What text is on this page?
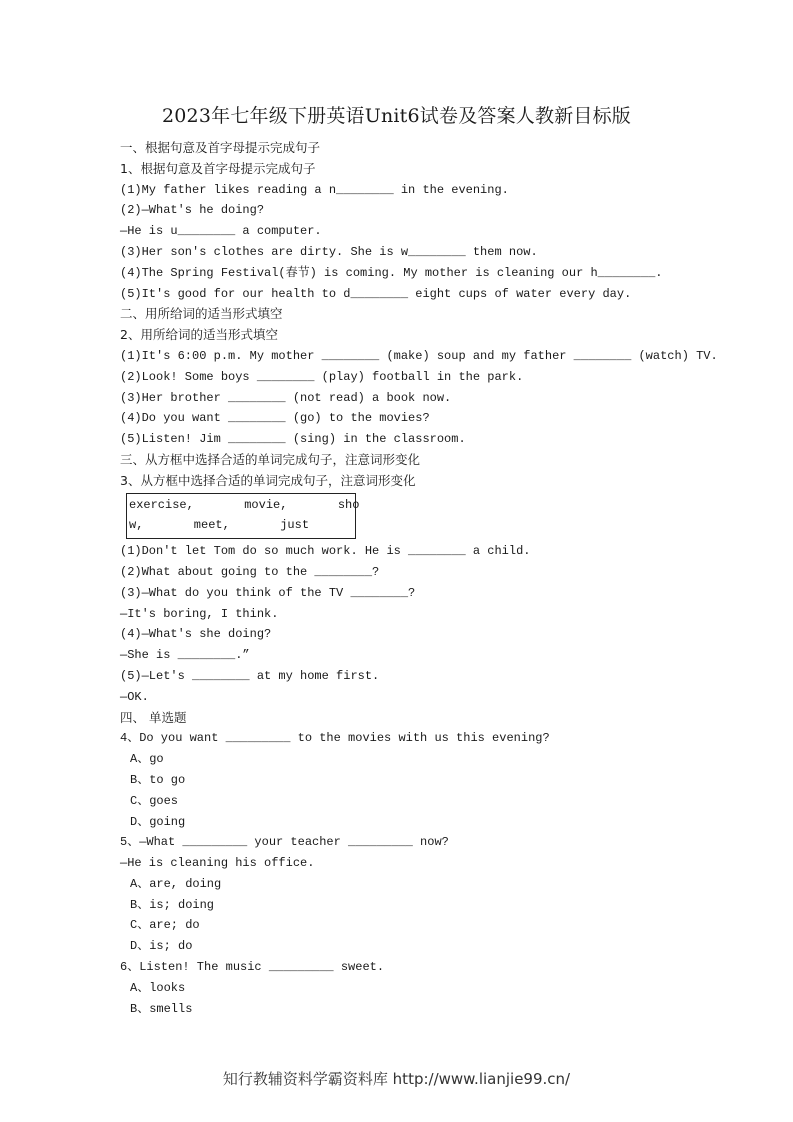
2023年七年级下册英语Unit6试卷及答案人教新目标版
一、根据句意及首字母提示完成句子
1、根据句意及首字母提示完成句子
(1)My father likes reading a n________ in the evening.
(2)—What's he doing?
—He is u________ a computer.
(3)Her son's clothes are dirty. She is w________ them now.
(4)The Spring Festival(春节) is coming. My mother is cleaning our h________.
(5)It's good for our health to d________ eight cups of water every day.
二、用所给词的适当形式填空
2、用所给词的适当形式填空
(1)It's 6:00 p.m. My mother ________ (make) soup and my father ________ (watch) TV.
(2)Look! Some boys ________ (play) football in the park.
(3)Her brother ________ (not read) a book now.
(4)Do you want ________ (go) to the movies?
(5)Listen! Jim ________ (sing) in the classroom.
三、从方框中选择合适的单词完成句子，注意词形变化
3、从方框中选择合适的单词完成句子，注意词形变化
exercise,       movie,       sho
w,       meet,       just
(1)Don't let Tom do so much work. He is ________ a child.
(2)What about going to the ________?
(3)—What do you think of the TV ________?
—It's boring, I think.
(4)—What's she doing?
—She is ________.”
(5)—Let's ________ at my home first.
—OK.
四、 单选题
4、Do you want _________ to the movies with us this evening?
A、go
B、to go
C、goes
D、going
5、—What _________ your teacher _________ now?
—He is cleaning his office.
A、are, doing
B、is; doing
C、are; do
D、is; do
6、Listen! The music _________ sweet.
A、looks
B、smells
知行教辅资料学霸资料库 http://www.lianjie99.cn/
